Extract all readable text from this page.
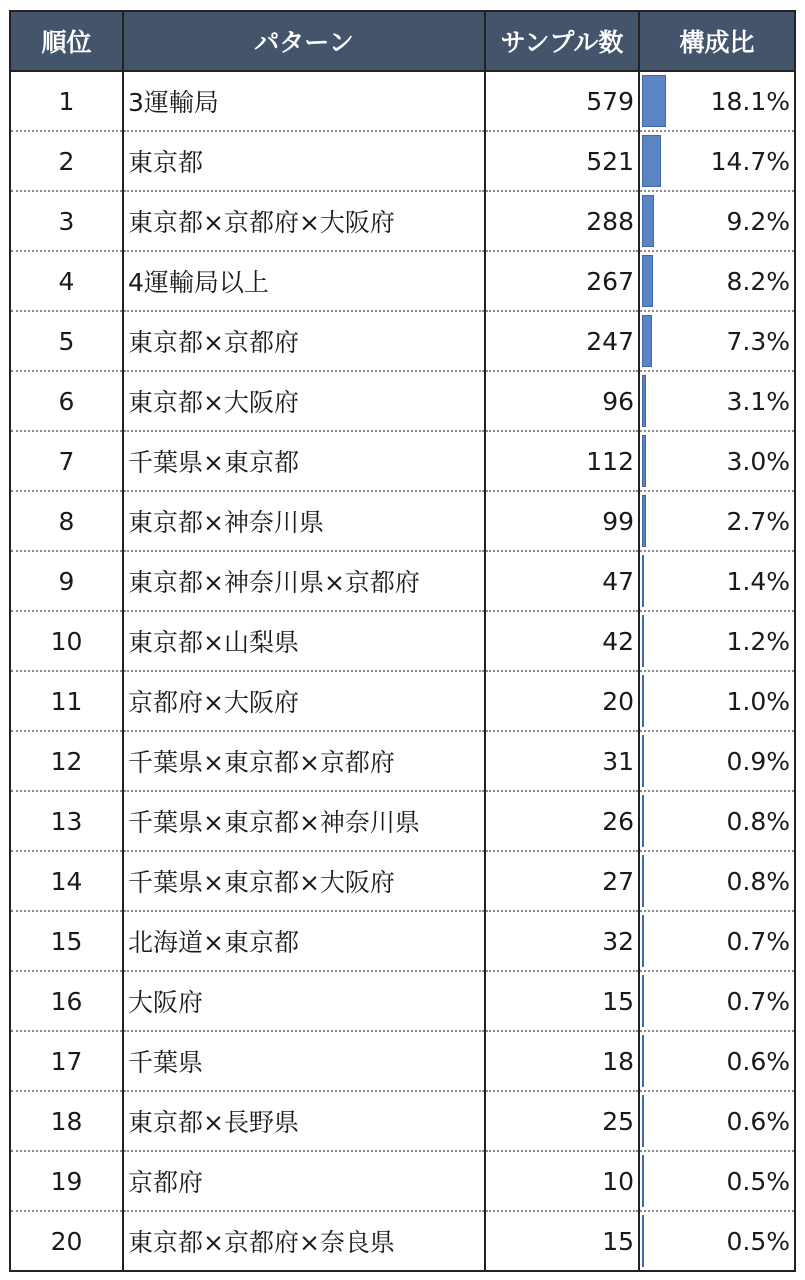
順位	パターン	サンプル数	構成比
1	3運輸局	579	18.1%
2	東京都	521	14.7%
3	東京都×京都府×大阪府	288	9.2%
4	4運輸局以上	267	8.2%
5	東京都×京都府	247	7.3%
6	東京都×大阪府	96	3.1%
7	千葉県×東京都	112	3.0%
8	東京都×神奈川県	99	2.7%
9	東京都×神奈川県×京都府	47	1.4%
10	東京都×山梨県	42	1.2%
11	京都府×大阪府	20	1.0%
12	千葉県×東京都×京都府	31	0.9%
13	千葉県×東京都×神奈川県	26	0.8%
14	千葉県×東京都×大阪府	27	0.8%
15	北海道×東京都	32	0.7%
16	大阪府	15	0.7%
17	千葉県	18	0.6%
18	東京都×長野県	25	0.6%
19	京都府	10	0.5%
20	東京都×京都府×奈良県	15	0.5%
